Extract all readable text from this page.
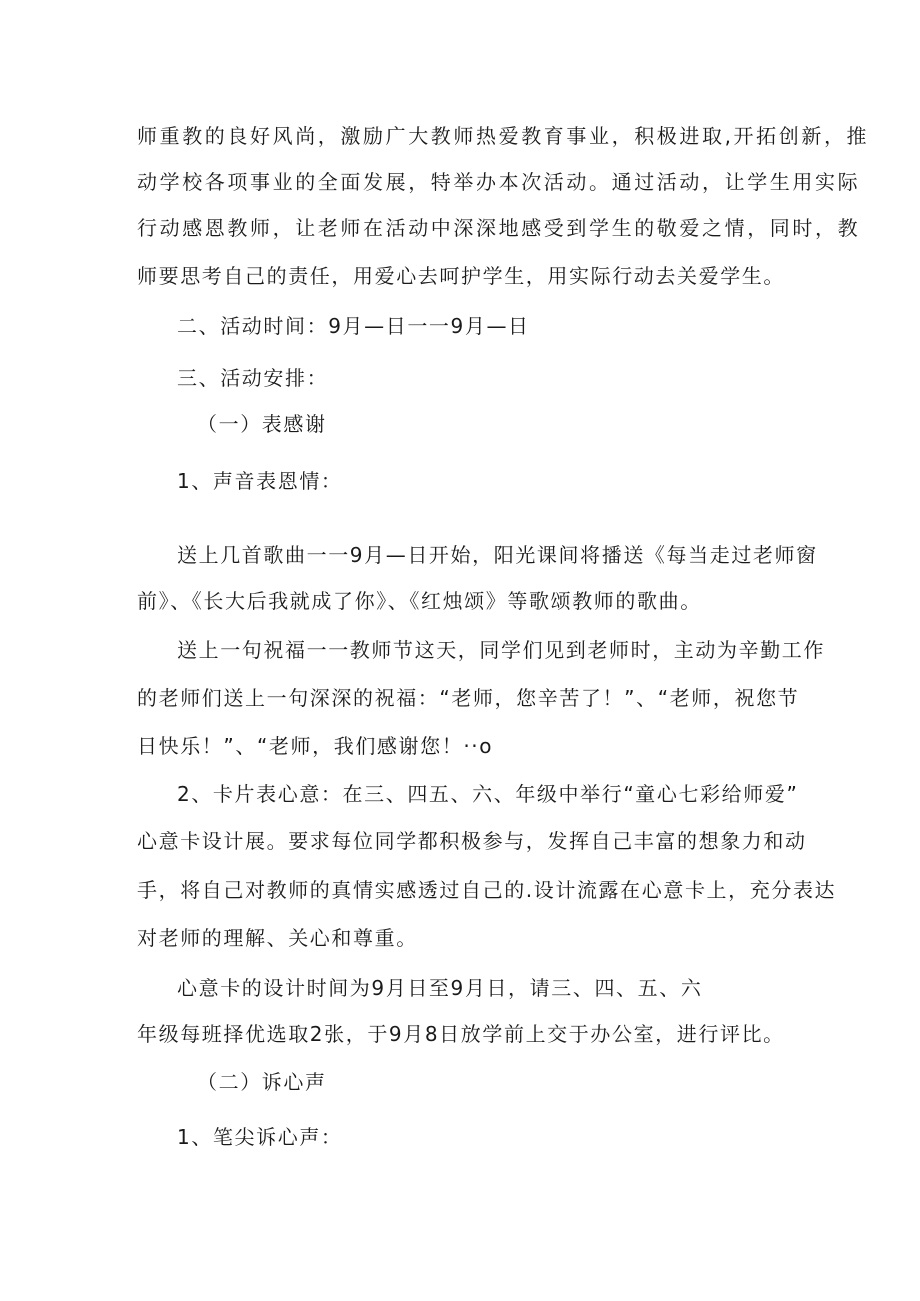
师重教的良好风尚，激励广大教师热爱教育事业，积极进取,开拓创新，推
动学校各项事业的全面发展，特举办本次活动。通过活动，让学生用实际
行动感恩教师，让老师在活动中深深地感受到学生的敬爱之情，同时，教
师要思考自己的责任，用爱心去呵护学生，用实际行动去关爱学生。
二、活动时间：9月—日一一9月—日
三、活动安排：
（一）表感谢
1、声音表恩情：
送上几首歌曲一一9月—日开始，阳光课间将播送《每当走过老师窗
前》、《长大后我就成了你》、《红烛颂》等歌颂教师的歌曲。
送上一句祝福一一教师节这天，同学们见到老师时，主动为辛勤工作
的老师们送上一句深深的祝福：“老师，您辛苦了！”、“老师，祝您节
日快乐！”、“老师，我们感谢您！··o
2、卡片表心意：在三、四五、六、年级中举行“童心七彩给师爱”
心意卡设计展。要求每位同学都积极参与，发挥自己丰富的想象力和动
手，将自己对教师的真情实感透过自己的.设计流露在心意卡上，充分表达
对老师的理解、关心和尊重。
心意卡的设计时间为9月日至9月日，请三、四、五、六
年级每班择优选取2张，于9月8日放学前上交于办公室，进行评比。
（二）诉心声
1、笔尖诉心声：
